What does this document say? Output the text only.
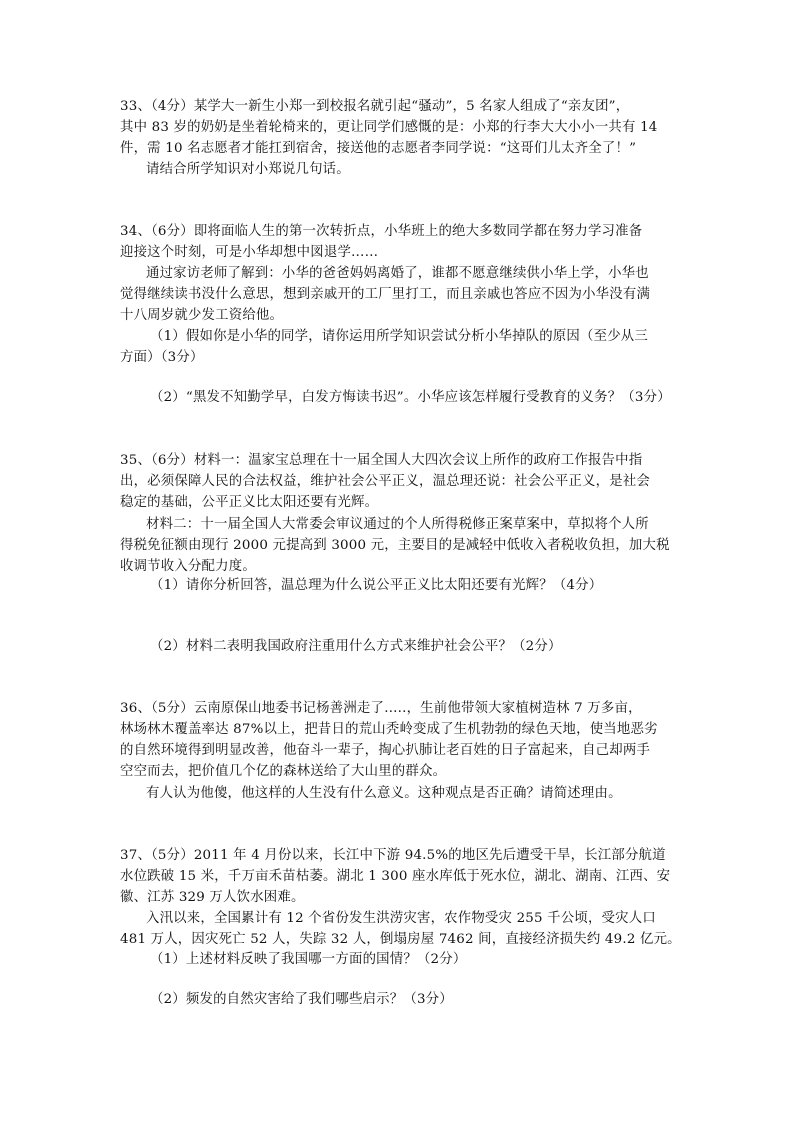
33、（4分）某学大一新生小郑一到校报名就引起“骚动”，5 名家人组成了“亲友团”，

其中 83 岁的奶奶是坐着轮椅来的，更让同学们感慨的是：小郑的行李大大小小一共有 14

件，需 10 名志愿者才能扛到宿舍，接送他的志愿者李同学说：“这哥们儿太齐全了！”

请结合所学知识对小郑说几句话。

34、（6分）即将面临人生的第一次转折点，小华班上的绝大多数同学都在努力学习准备

迎接这个时刻，可是小华却想中図退学……

通过家访老师了解到：小华的爸爸妈妈离婚了，谁都不愿意继续供小华上学，小华也

觉得继续读书没什么意思，想到亲戚开的工厂里打工，而且亲戚也答应不因为小华没有满

十八周岁就少发工资给他。

（1）假如你是小华的同学，请你运用所学知识尝试分析小华掉队的原因（至少从三

方面）（3分）

（2）“黑发不知勤学早，白发方悔读书迟”。小华应该怎样履行受教育的义务？（3分）

35、（6分）材料一：温家宝总理在十一届全国人大四次会议上所作的政府工作报告中指

出，必须保障人民的合法权益，维护社会公平正义，温总理还说：社会公平正义，是社会

稳定的基础，公平正义比太阳还要有光辉。

材料二：十一届全国人大常委会审议通过的个人所得税修正案草案中，草拟将个人所

得税免征额由现行 2000 元提高到 3000 元，主要目的是减轻中低收入者税收负担，加大税

收调节收入分配力度。

（1）请你分析回答，温总理为什么说公平正义比太阳还要有光辉？（4分）

（2）材料二表明我国政府注重用什么方式来维护社会公平？（2分）

36、（5分）云南原保山地委书记杨善洲走了…..，生前他带领大家植树造林 7 万多亩，

林场林木覆盖率达 87%以上，把昔日的荒山秃岭变成了生机勃勃的绿色天地，使当地恶劣

的自然环境得到明显改善，他奋斗一辈子，掏心扒肺让老百姓的日子富起来，自己却两手

空空而去，把价值几个亿的森林送给了大山里的群众。

有人认为他傻，他这样的人生没有什么意义。这种观点是否正确？请简述理由。

37、（5分）2011 年 4 月份以来，长江中下游 94.5%的地区先后遭受干旱，长江部分航道

水位跌破 15 米，千万亩禾苗枯萎。湖北 1 300 座水库低于死水位，湖北、湖南、江西、安

徽、江苏 329 万人饮水困难。

入汛以来，全国累计有 12 个省份发生洪涝灾害，农作物受灾 255 千公顷，受灾人口

481 万人，因灾死亡 52 人，失踪 32 人，倒塌房屋 7462 间，直接经济损失约 49.2 亿元。

（1）上述材料反映了我国哪一方面的国情？（2分）

（2）频发的自然灾害给了我们哪些启示？（3分）
